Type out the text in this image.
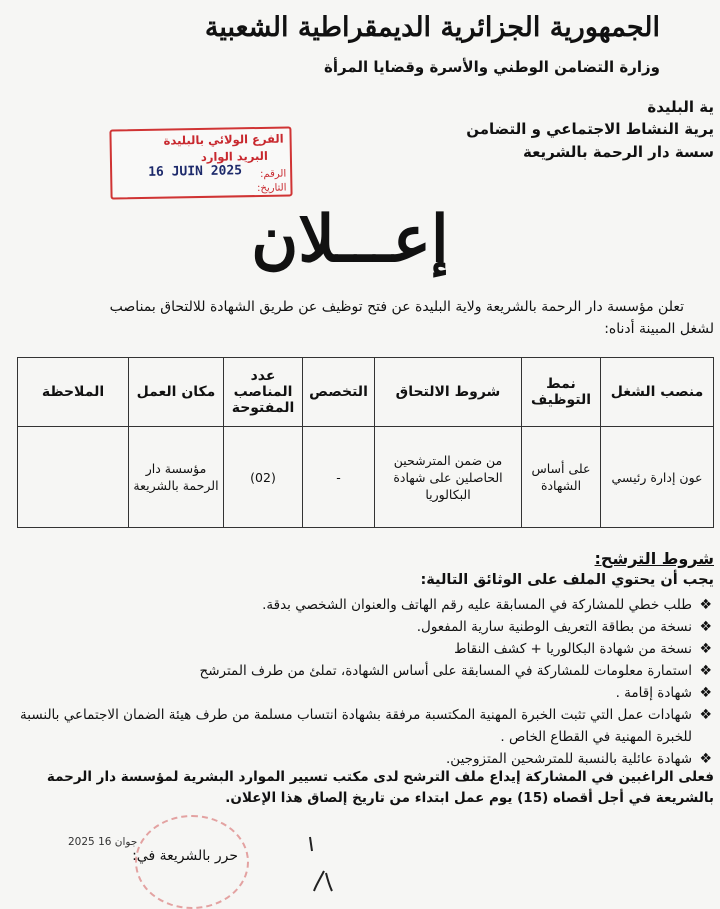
الجمهورية الجزائرية الديمقراطية الشعبية
وزارة التضامن الوطني والأسرة وقضايا المرأة
ية البليدة
يرية النشاط الاجتماعي و التضامن
سسة دار الرحمة بالشريعة
الفرع الولائي بالبليدة
البريد الوارد
الرقم:
التاريخ:
16 JUIN 2025
إعـــلان
تعلن مؤسسة دار الرحمة بالشريعة ولاية البليدة عن فتح توظيف عن طريق الشهادة للالتحاق بمناصب
لشغل المبينة أدناه:
منصب الشغل	نمط التوظيف	شروط الالتحاق	التخصص	عدد المناصب المفتوحة	مكان العمل	الملاحظة
عون إدارة رئيسي	على أساس الشهادة	من ضمن المترشحين الحاصلين على شهادة البكالوريا	-	(02)	مؤسسة دار الرحمة بالشريعة	
شروط الترشح:
يجب أن يحتوي الملف على الوثائق التالية:
❖
طلب خطي للمشاركة في المسابقة عليه رقم الهاتف والعنوان الشخصي بدقة.
❖
نسخة من بطاقة التعريف الوطنية سارية المفعول.
❖
نسخة من شهادة البكالوريا + كشف النقاط
❖
استمارة معلومات للمشاركة في المسابقة على أساس الشهادة، تملئ من طرف المترشح
❖
شهادة إقامة .
❖
شهادات عمل التي تثبت الخبرة المهنية المكتسبة مرفقة بشهادة انتساب مسلمة من طرف هيئة الضمان الاجتماعي بالنسبة للخبرة المهنية في القطاع الخاص .
❖
شهادة عائلية بالنسبة للمترشحين المتزوجين.
فعلى الراغبين في المشاركة إيداع ملف الترشح لدى مكتب تسيير الموارد البشرية لمؤسسة دار الرحمة بالشريعة في أجل أقصاه (15) يوم عمل ابتداء من تاريخ إلصاق هذا الإعلان.
2025 جوان 16
حرر بالشريعة في:
